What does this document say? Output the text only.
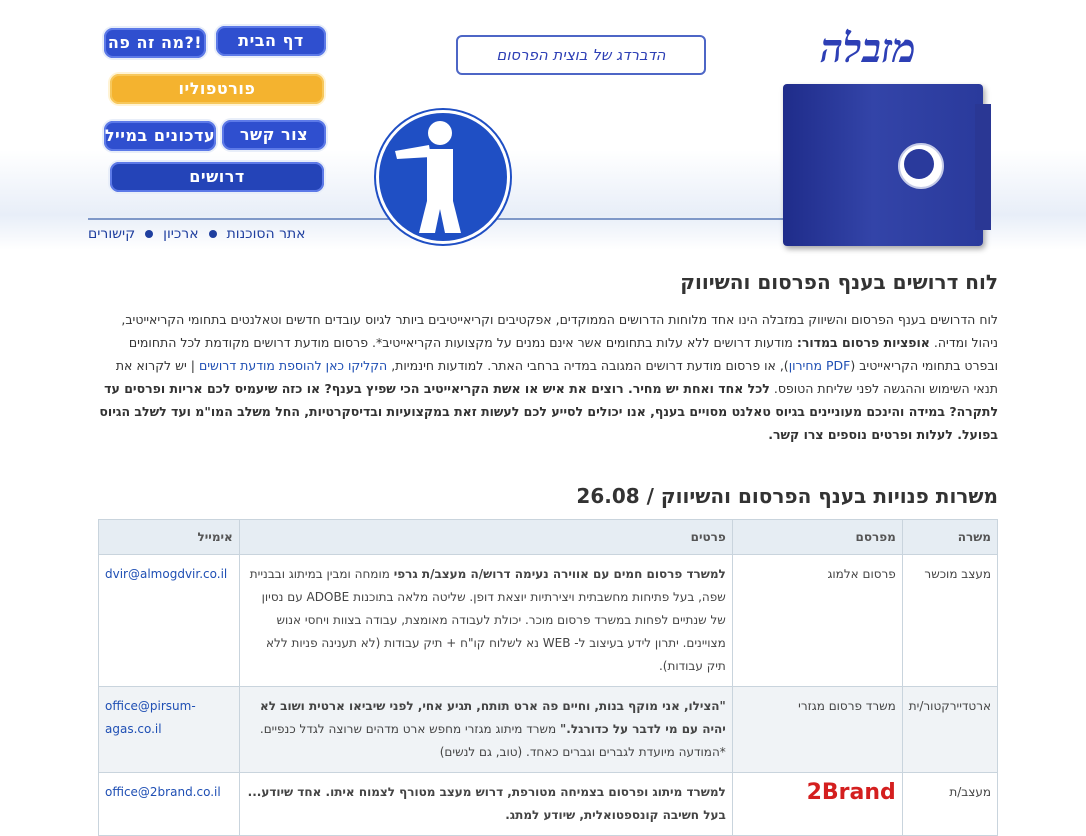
מה זה פה?!	דף הבית
פורטפוליו
עדכונים במייל	צור קשר
דרושים
הדברדג של בוצית הפרסום	מזבלה
אתר הסוכנותארכיוןקישורים
לוח דרושים בענף הפרסום והשיווק
לוח הדרושים בענף הפרסום והשיווק במזבלה הינו אחד מלוחות הדרושים הממוקדים, אפקטיבים וקריאייטיבים ביותר לגיוס עובדים חדשים וטאלנטים בתחומי הקריאייטיב, ניהול ומדיה. אופציות פרסום במדור: מודעות דרושים ללא עלות בתחומים אשר אינם נמנים על מקצועות הקריאייטיב*. פרסום מודעת דרושים מקודמת לכל התחומים ובפרט בתחומי הקריאייטיב (PDF מחירון), או פרסום מודעת דרושים המגובה במדיה ברחבי האתר. למודעות חינמיות, הקליקו כאן להוספת מודעת דרושים | יש לקרוא את תנאי השימוש וההגשה לפני שליחת הטופס. לכל אחד ואחת יש מחיר. רוצים את איש או אשת הקריאייטיב הכי שפיץ בענף? או כזה שיעמיס לכם אריות ופרסים עד לתקרה? במידה והינכם מעוניינים בגיוס טאלנט מסויים בענף, אנו יכולים לסייע לכם לעשות זאת במקצועיות ובדיסקרטיות, החל משלב המו"מ ועד לשלב הגיוס בפועל. לעלות ופרטים נוספים צרו קשר.
משרות פנויות בענף הפרסום והשיווק / 26.08
משרה	מפרסם	פרטים	אימייל
מעצב מוכשר	פרסום אלמוג	למשרד פרסום חמים עם אווירה נעימה דרוש/ה מעצב/ת גרפי מומחה ומבין במיתוג ובבניית שפה, בעל פתיחות מחשבתית ויצירתיות יוצאת דופן. שליטה מלאה בתוכנות ADOBE עם נסיון של שנתיים לפחות במשרד פרסום מוכר. יכולת לעבודה מאומצת, עבודה בצוות ויחסי אנוש מצויינים. יתרון לידע בעיצוב ל- WEB נא לשלוח קו"ח + תיק עבודות (לא תענינה פניות ללא תיק עבודות).	dvir@almogdvir.co.il
ארטדיירקטור/ית	משרד פרסום מגזרי	"הצילו, אני מוקף בנות, וחיים פה ארט תותח, תגיע אחי, לפני שיביאו ארטית ושוב לא יהיה עם מי לדבר על כדורגל." משרד מיתוג מגזרי מחפש ארט מדהים שרוצה לגדל כנפיים. *המודעה מיועדת לגברים וגברים כאחד. (טוב, גם לנשים)	office@pirsum-agas.co.il
מעצב/ת	2Brand	למשרד מיתוג ופרסום בצמיחה מטורפת, דרוש מעצב מטורף לצמוח איתו. אחד שיודע... בעל חשיבה קונספטואלית, שיודע למתג.	office@2brand.co.il
